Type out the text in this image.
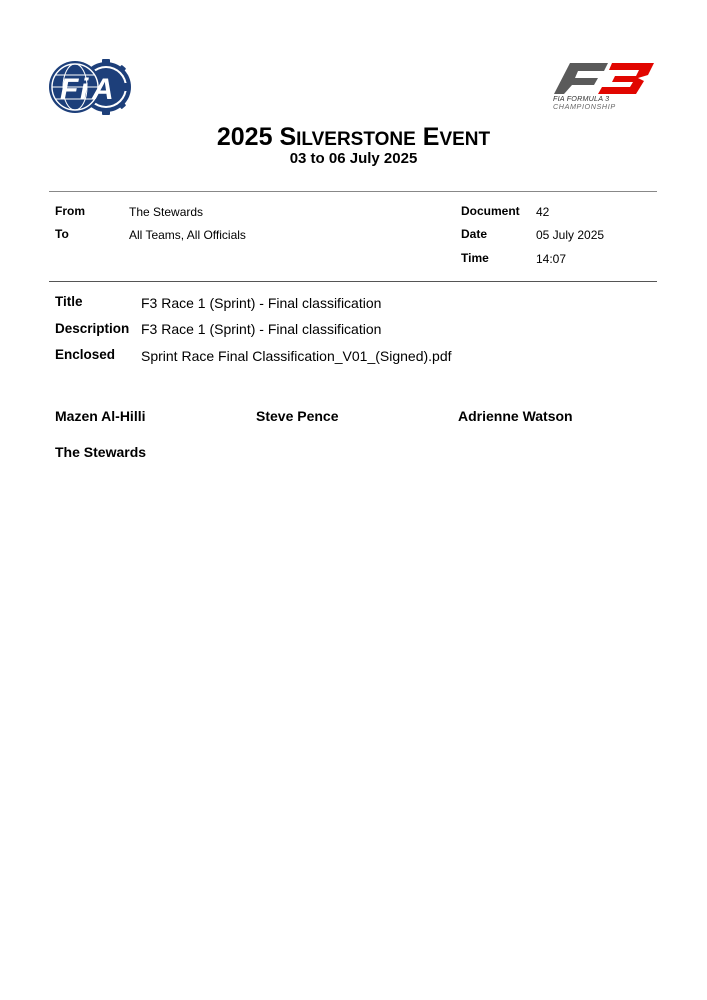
F i A	FIA FORMULA 3
CHAMPIONSHIP
2025 SILVERSTONE EVENT
03 to 06 July 2025
From	The Stewards
To	All Teams, All Officials
Document 42
Date	05 July 2025
Time	14:07
Title	F3 Race 1 (Sprint) - Final classification
Description F3 Race 1 (Sprint) - Final classification
Enclosed Sprint Race Final Classification_V01_(Signed).pdf
Mazen Al-Hilli	Steve Pence	Adrienne Watson
The Stewards
